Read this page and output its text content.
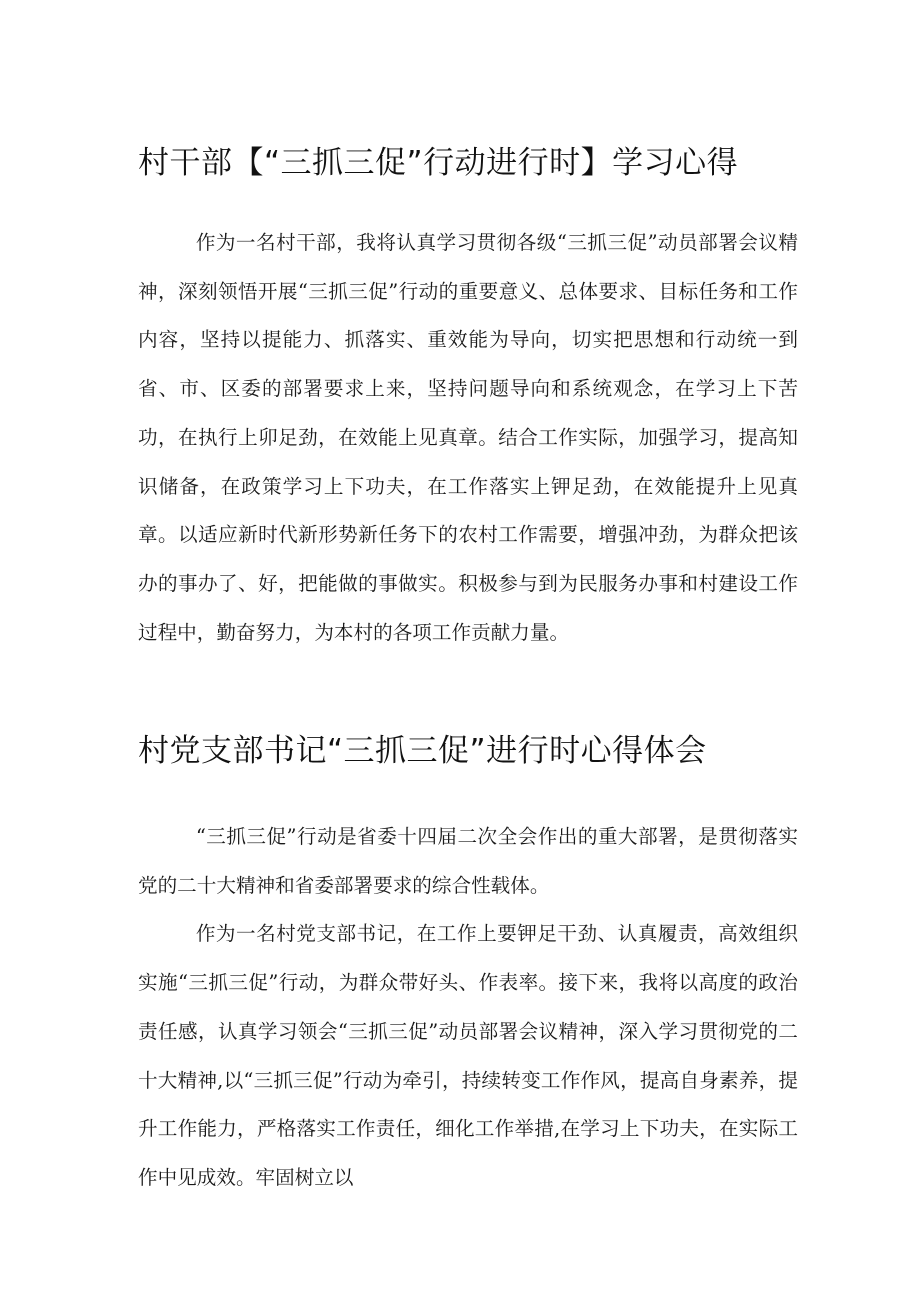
村干部【“三抓三促”行动进行时】学习心得

作为一名村干部，我将认真学习贯彻各级“三抓三促”动员部署会议精神，深刻领悟开展“三抓三促”行动的重要意义、总体要求、目标任务和工作内容，坚持以提能力、抓落实、重效能为导向，切实把思想和行动统一到省、市、区委的部署要求上来，坚持问题导向和系统观念，在学习上下苦功，在执行上卯足劲，在效能上见真章。结合工作实际，加强学习，提高知识储备，在政策学习上下功夫，在工作落实上钾足劲，在效能提升上见真章。以适应新时代新形势新任务下的农村工作需要，增强冲劲，为群众把该办的事办了、好，把能做的事做实。积极参与到为民服务办事和村建设工作过程中，勤奋努力，为本村的各项工作贡献力量。

村党支部书记“三抓三促”进行时心得体会

“三抓三促”行动是省委十四届二次全会作出的重大部署，是贯彻落实党的二十大精神和省委部署要求的综合性载体。

作为一名村党支部书记，在工作上要钾足干劲、认真履责，高效组织实施“三抓三促”行动，为群众带好头、作表率。接下来，我将以高度的政治责任感，认真学习领会“三抓三促”动员部署会议精神，深入学习贯彻党的二十大精神,以“三抓三促”行动为牵引，持续转变工作作风，提高自身素养，提升工作能力，严格落实工作责任，细化工作举措,在学习上下功夫，在实际工作中见成效。牢固树立以
